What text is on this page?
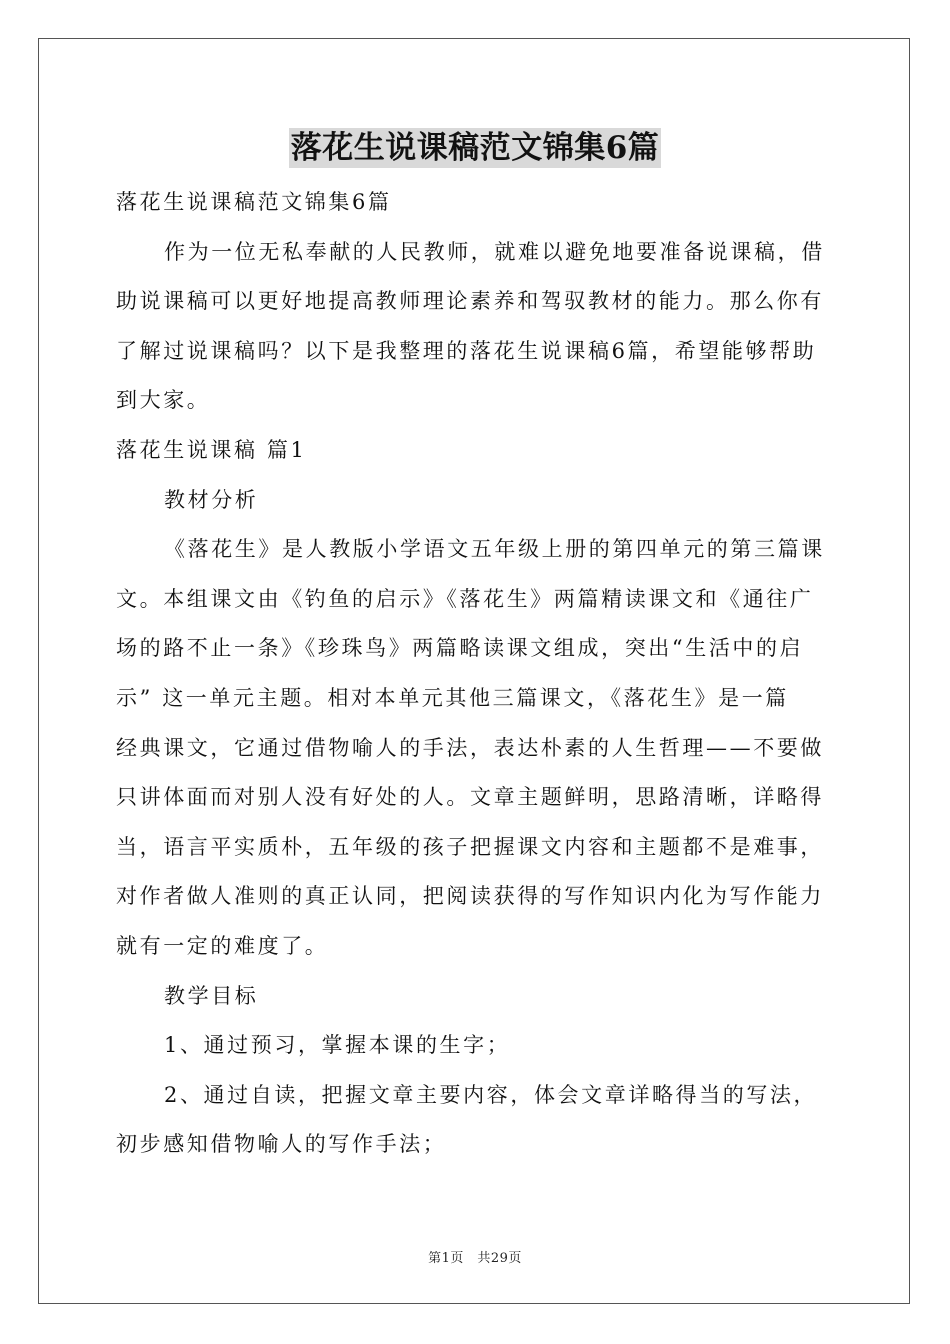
落花生说课稿范文锦集6篇

落花生说课稿范文锦集6篇

作为一位无私奉献的人民教师，就难以避免地要准备说课稿，借

助说课稿可以更好地提高教师理论素养和驾驭教材的能力。那么你有

了解过说课稿吗？以下是我整理的落花生说课稿6篇，希望能够帮助

到大家。

落花生说课稿 篇1

教材分析

《落花生》是人教版小学语文五年级上册的第四单元的第三篇课

文。本组课文由《钓鱼的启示》《落花生》两篇精读课文和《通往广

场的路不止一条》《珍珠鸟》两篇略读课文组成，突出“生活中的启

示” 这一单元主题。相对本单元其他三篇课文，《落花生》是一篇

经典课文，它通过借物喻人的手法，表达朴素的人生哲理——不要做

只讲体面而对别人没有好处的人。文章主题鲜明，思路清晰，详略得

当，语言平实质朴，五年级的孩子把握课文内容和主题都不是难事，

对作者做人准则的真正认同，把阅读获得的写作知识内化为写作能力

就有一定的难度了。

教学目标

1、通过预习，掌握本课的生字；

2、通过自读，把握文章主要内容，体会文章详略得当的写法，

初步感知借物喻人的写作手法；

第1页　共29页
